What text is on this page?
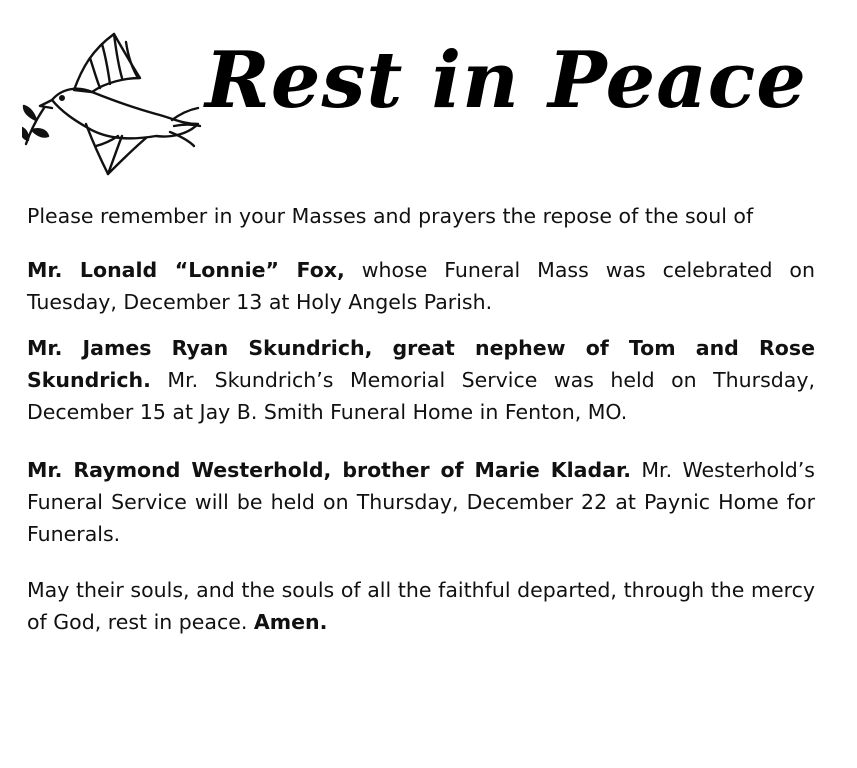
Rest in Peace

Please remember in your Masses and prayers the repose of the soul of

Mr. Lonald “Lonnie” Fox, whose Funeral Mass was celebrated on Tuesday, December 13 at Holy Angels Parish.

Mr. James Ryan Skundrich, great nephew of Tom and Rose Skundrich. Mr. Skundrich’s Memorial Service was held on Thursday, December 15 at Jay B. Smith Funeral Home in Fenton, MO.

Mr. Raymond Westerhold, brother of Marie Kladar. Mr. Westerhold’s Funeral Service will be held on Thursday, December 22 at Paynic Home for Funerals.

May their souls, and the souls of all the faithful departed, through the mercy of God, rest in peace. Amen.
